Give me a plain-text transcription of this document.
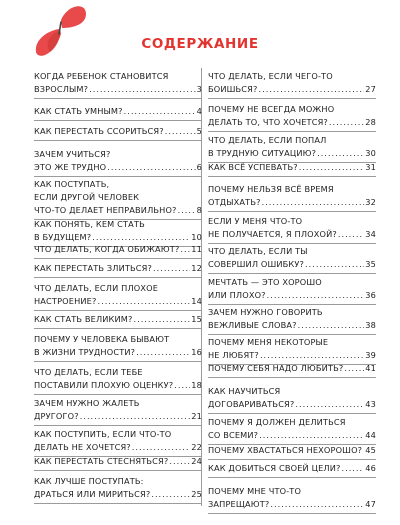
СОДЕРЖАНИЕ
КОГДА РЕБЕНОК СТАНОВИТСЯ
ВЗРОСЛЫМ? .....	3
КАК СТАТЬ УМНЫМ? .....	4
КАК ПЕРЕСТАТЬ ССОРИТЬСЯ? .....	5
ЗАЧЕМ УЧИТЬСЯ?
ЭТО ЖЕ ТРУДНО .....	6
КАК ПОСТУПАТЬ,
ЕСЛИ ДРУГОЙ ЧЕЛОВЕК
ЧТО-ТО ДЕЛАЕТ НЕПРАВИЛЬНО? ..... 8
КАК ПОНЯТЬ, КЕМ СТАТЬ
В БУДУЩЕМ? .....	10
ЧТО ДЕЛАТЬ, КОГДА ОБИЖАЮТ? ..... 11
КАК ПЕРЕСТАТЬ ЗЛИТЬСЯ? .....	12
ЧТО ДЕЛАТЬ, ЕСЛИ ПЛОХОЕ
НАСТРОЕНИЕ? .....	14
КАК СТАТЬ ВЕЛИКИМ? .....	15
ПОЧЕМУ У ЧЕЛОВЕКА БЫВАЮТ
В ЖИЗНИ ТРУДНОСТИ? .....	16
ЧТО ДЕЛАТЬ, ЕСЛИ ТЕБЕ
ПОСТАВИЛИ ПЛОХУЮ ОЦЕНКУ? ..... 18
ЗАЧЕМ НУЖНО ЖАЛЕТЬ
ДРУГОГО? .....	21
КАК ПОСТУПИТЬ, ЕСЛИ ЧТО-ТО
ДЕЛАТЬ НЕ ХОЧЕТСЯ? .....	22
КАК ПЕРЕСТАТЬ СТЕСНЯТЬСЯ? .....	24
КАК ЛУЧШЕ ПОСТУПАТЬ:
ДРАТЬСЯ ИЛИ МИРИТЬСЯ? .....	25
ЧТО ДЕЛАТЬ, ЕСЛИ ЧЕГО-ТО
БОИШЬСЯ? .....	27
ПОЧЕМУ НЕ ВСЕГДА МОЖНО
ДЕЛАТЬ ТО, ЧТО ХОЧЕТСЯ? .....	28
ЧТО ДЕЛАТЬ, ЕСЛИ ПОПАЛ
В ТРУДНУЮ СИТУАЦИЮ? .....	30
КАК ВСЁ УСПЕВАТЬ? .....	31
ПОЧЕМУ НЕЛЬЗЯ ВСЁ ВРЕМЯ
ОТДЫХАТЬ? .....	32
ЕСЛИ У МЕНЯ ЧТО-ТО
НЕ ПОЛУЧАЕТСЯ, Я ПЛОХОЙ? .....	34
ЧТО ДЕЛАТЬ, ЕСЛИ ТЫ
СОВЕРШИЛ ОШИБКУ? .....	35
МЕЧТАТЬ — ЭТО ХОРОШО
ИЛИ ПЛОХО? .....	36
ЗАЧЕМ НУЖНО ГОВОРИТЬ
ВЕЖЛИВЫЕ СЛОВА? .....	38
ПОЧЕМУ МЕНЯ НЕКОТОРЫЕ
НЕ ЛЮБЯТ? .....	39
ПОЧЕМУ СЕБЯ НАДО ЛЮБИТЬ? .....	41
КАК НАУЧИТЬСЯ
ДОГОВАРИВАТЬСЯ? .....	43
ПОЧЕМУ Я ДОЛЖЕН ДЕЛИТЬСЯ
СО ВСЕМИ? .....	44
ПОЧЕМУ ХВАСТАТЬСЯ НЕХОРОШО? ..... 45
КАК ДОБИТЬСЯ СВОЕЙ ЦЕЛИ? .....	46
ПОЧЕМУ МНЕ ЧТО-ТО
ЗАПРЕЩАЮТ? .....	47
